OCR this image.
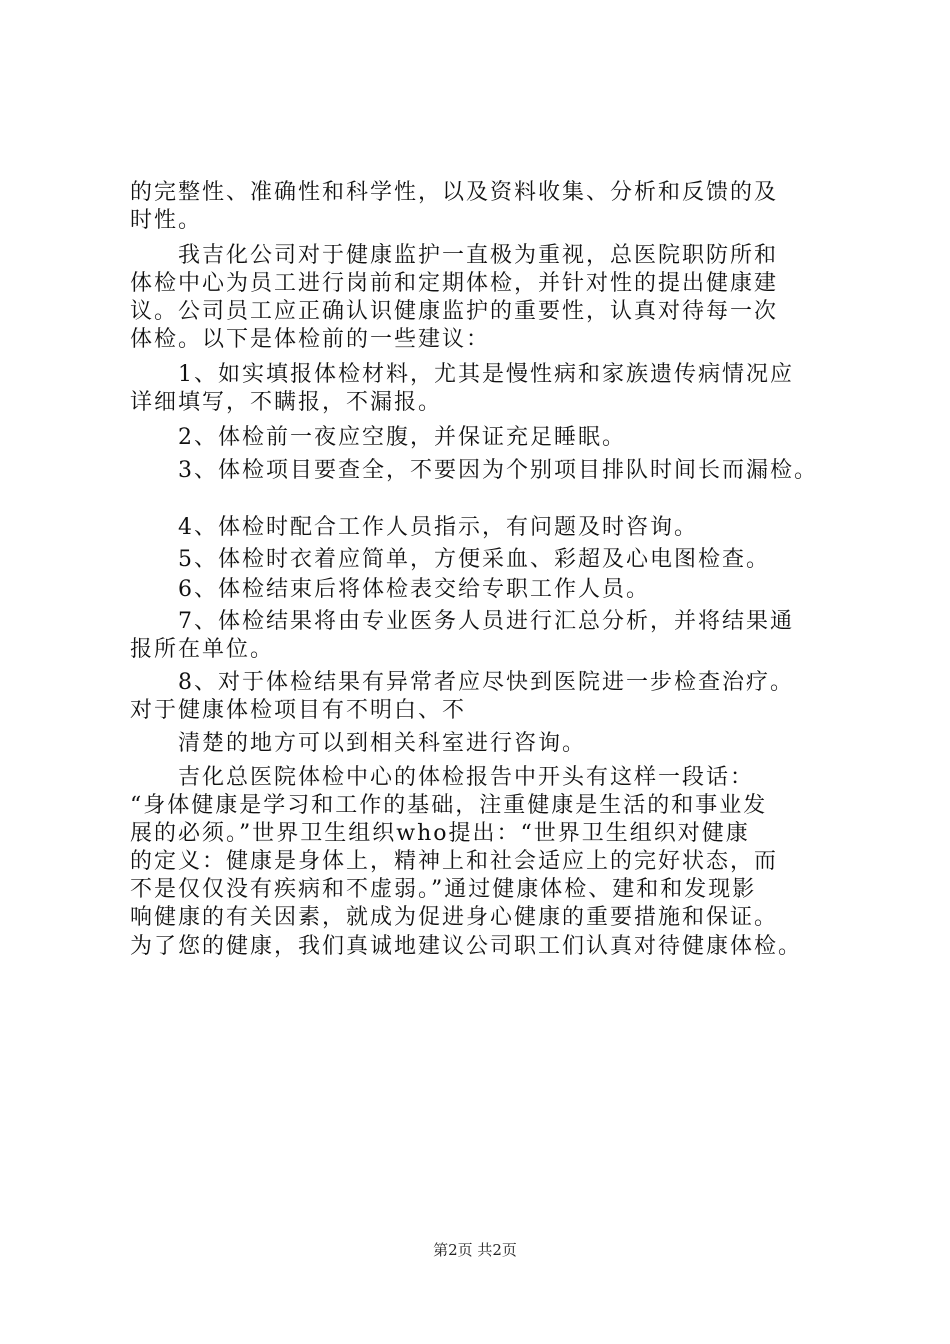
的完整性、准确性和科学性，以及资料收集、分析和反馈的及

时性。

　　我吉化公司对于健康监护一直极为重视，总医院职防所和

体检中心为员工进行岗前和定期体检，并针对性的提出健康建

议。公司员工应正确认识健康监护的重要性，认真对待每一次

体检。以下是体检前的一些建议：

　　1、如实填报体检材料，尤其是慢性病和家族遗传病情况应

详细填写，不瞒报，不漏报。

　　2、体检前一夜应空腹，并保证充足睡眠。

　　3、体检项目要查全，不要因为个别项目排队时间长而漏检。

　　4、体检时配合工作人员指示，有问题及时咨询。

　　5、体检时衣着应简单，方便采血、彩超及心电图检查。

　　6、体检结束后将体检表交给专职工作人员。

　　7、体检结果将由专业医务人员进行汇总分析，并将结果通

报所在单位。

　　8、对于体检结果有异常者应尽快到医院进一步检查治疗。

对于健康体检项目有不明白、不

　　清楚的地方可以到相关科室进行咨询。

　　吉化总医院体检中心的体检报告中开头有这样一段话：

“身体健康是学习和工作的基础，注重健康是生活的和事业发

展的必须。”世界卫生组织who提出：“世界卫生组织对健康

的定义：健康是身体上，精神上和社会适应上的完好状态，而

不是仅仅没有疾病和不虚弱。”通过健康体检、建和和发现影

响健康的有关因素，就成为促进身心健康的重要措施和保证。

为了您的健康，我们真诚地建议公司职工们认真对待健康体检。

第2页 共2页
